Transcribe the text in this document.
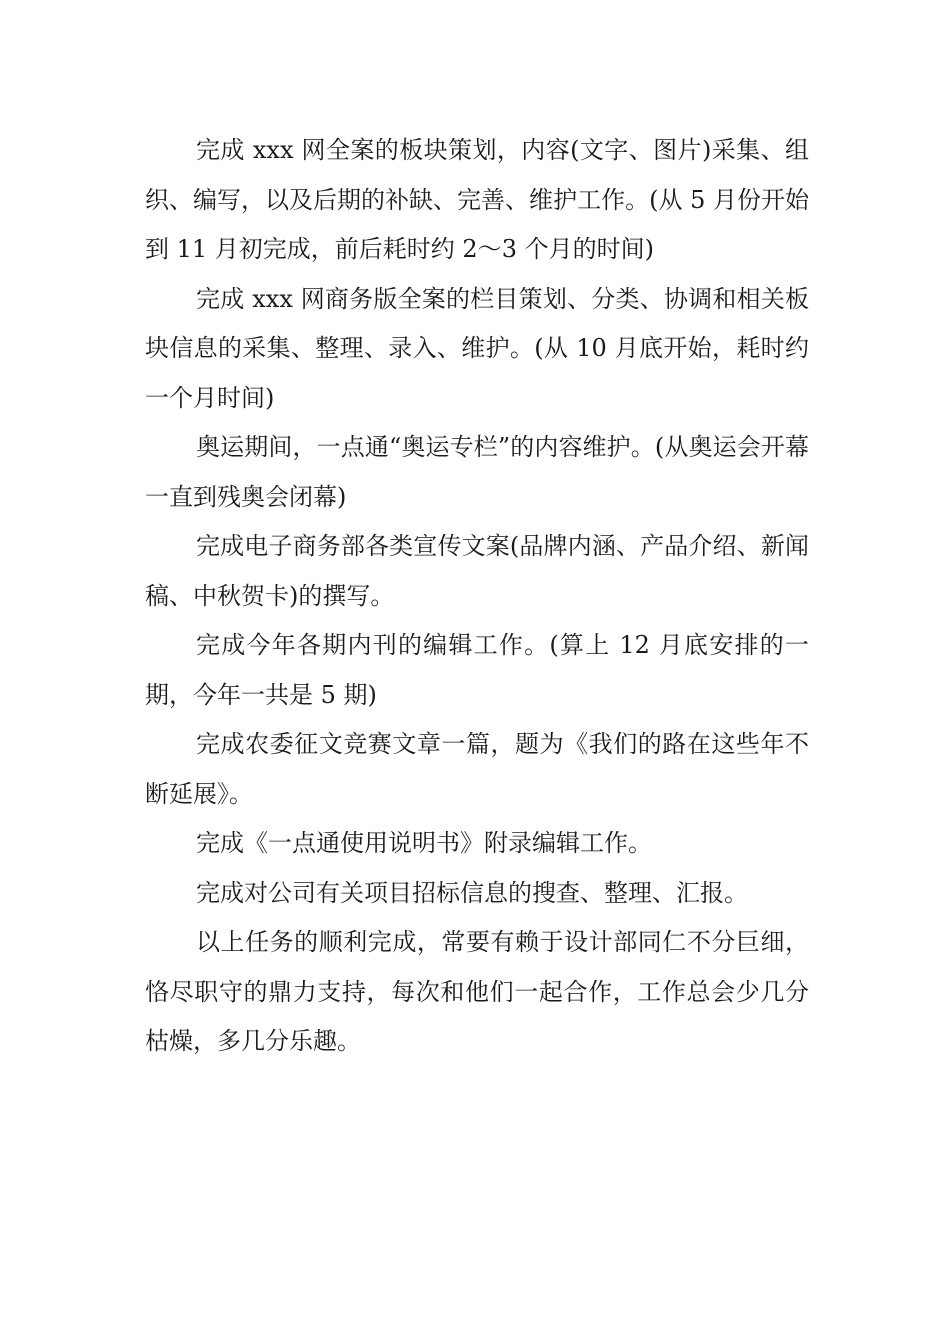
完成 xxx 网全案的板块策划，内容(文字、图片)采集、组织、编写，以及后期的补缺、完善、维护工作。(从 5 月份开始到 11 月初完成，前后耗时约 2～3 个月的时间)

完成 xxx 网商务版全案的栏目策划、分类、协调和相关板块信息的采集、整理、录入、维护。(从 10 月底开始，耗时约一个月时间)

奥运期间，一点通“奥运专栏”的内容维护。(从奥运会开幕一直到残奥会闭幕)

完成电子商务部各类宣传文案(品牌内涵、产品介绍、新闻稿、中秋贺卡)的撰写。

完成今年各期内刊的编辑工作。(算上 12 月底安排的一期，今年一共是 5 期)

完成农委征文竞赛文章一篇，题为《我们的路在这些年不断延展》。

完成《一点通使用说明书》附录编辑工作。

完成对公司有关项目招标信息的搜查、整理、汇报。

以上任务的顺利完成，常要有赖于设计部同仁不分巨细，恪尽职守的鼎力支持，每次和他们一起合作，工作总会少几分枯燥，多几分乐趣。
